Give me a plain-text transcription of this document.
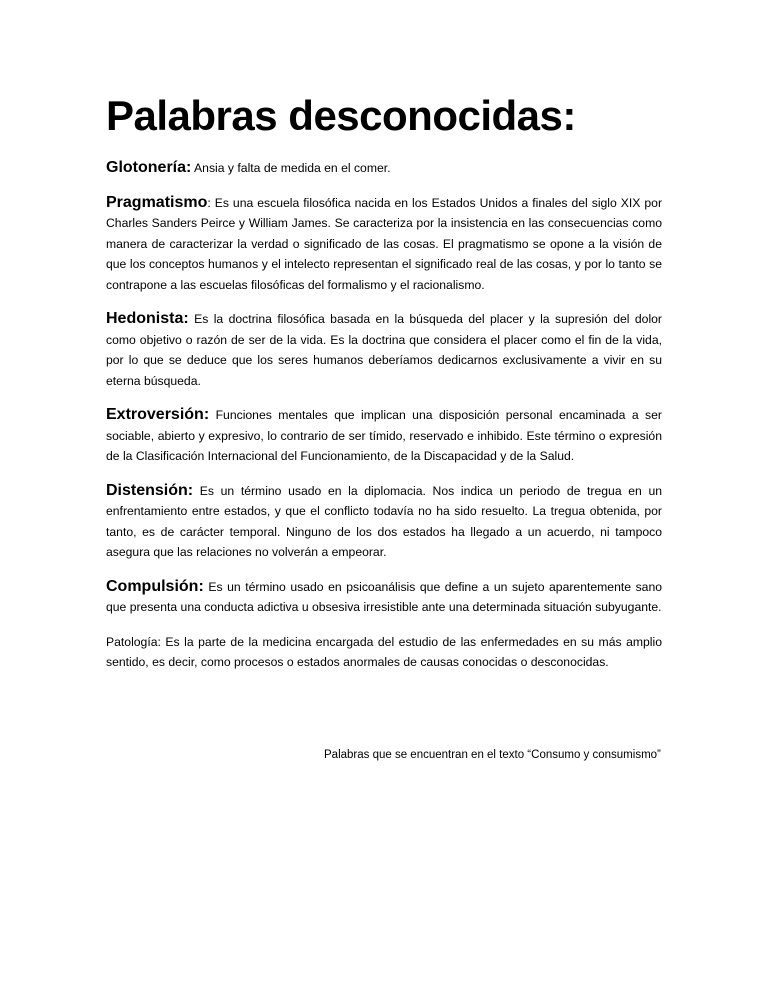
Palabras desconocidas:

Glotonería: Ansia y falta de medida en el comer.

Pragmatismo: Es una escuela filosófica nacida en los Estados Unidos a finales del siglo XIX por Charles Sanders Peirce y William James. Se caracteriza por la insistencia en las consecuencias como manera de caracterizar la verdad o significado de las cosas. El pragmatismo se opone a la visión de que los conceptos humanos y el intelecto representan el significado real de las cosas, y por lo tanto se contrapone a las escuelas filosóficas del formalismo y el racionalismo.

Hedonista: Es la doctrina filosófica basada en la búsqueda del placer y la supresión del dolor como objetivo o razón de ser de la vida. Es la doctrina que considera el placer como el fin de la vida, por lo que se deduce que los seres humanos deberíamos dedicarnos exclusivamente a vivir en su eterna búsqueda.

Extroversión: Funciones mentales que implican una disposición personal encaminada a ser sociable, abierto y expresivo, lo contrario de ser tímido, reservado e inhibido. Este término o expresión de la Clasificación Internacional del Funcionamiento, de la Discapacidad y de la Salud.

Distensión: Es un término usado en la diplomacia. Nos indica un periodo de tregua en un enfrentamiento entre estados, y que el conflicto todavía no ha sido resuelto. La tregua obtenida, por tanto, es de carácter temporal. Ninguno de los dos estados ha llegado a un acuerdo, ni tampoco asegura que las relaciones no volverán a empeorar.

Compulsión: Es un término usado en psicoanálisis que define a un sujeto aparentemente sano que presenta una conducta adictiva u obsesiva irresistible ante una determinada situación subyugante.

Patología: Es la parte de la medicina encargada del estudio de las enfermedades en su más amplio sentido, es decir, como procesos o estados anormales de causas conocidas o desconocidas.

Palabras que se encuentran en el texto “Consumo y consumismo”
